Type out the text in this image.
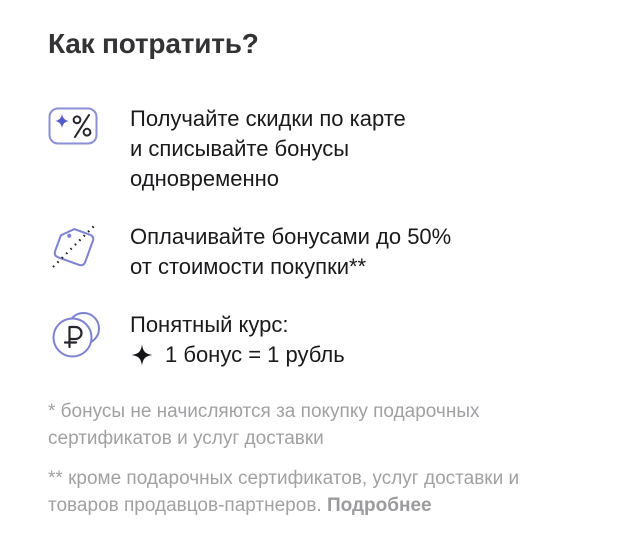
Как потратить?
Получайте скидки по карте
и списывайте бонусы
одновременно
Оплачивайте бонусами до 50%
от стоимости покупки**
Понятный курс:
1 бонус = 1 рубль

* бонусы не начисляются за покупку подарочных сертификатов и услуг доставки

** кроме подарочных сертификатов, услуг доставки и товаров продавцов-партнеров. Подробнее
